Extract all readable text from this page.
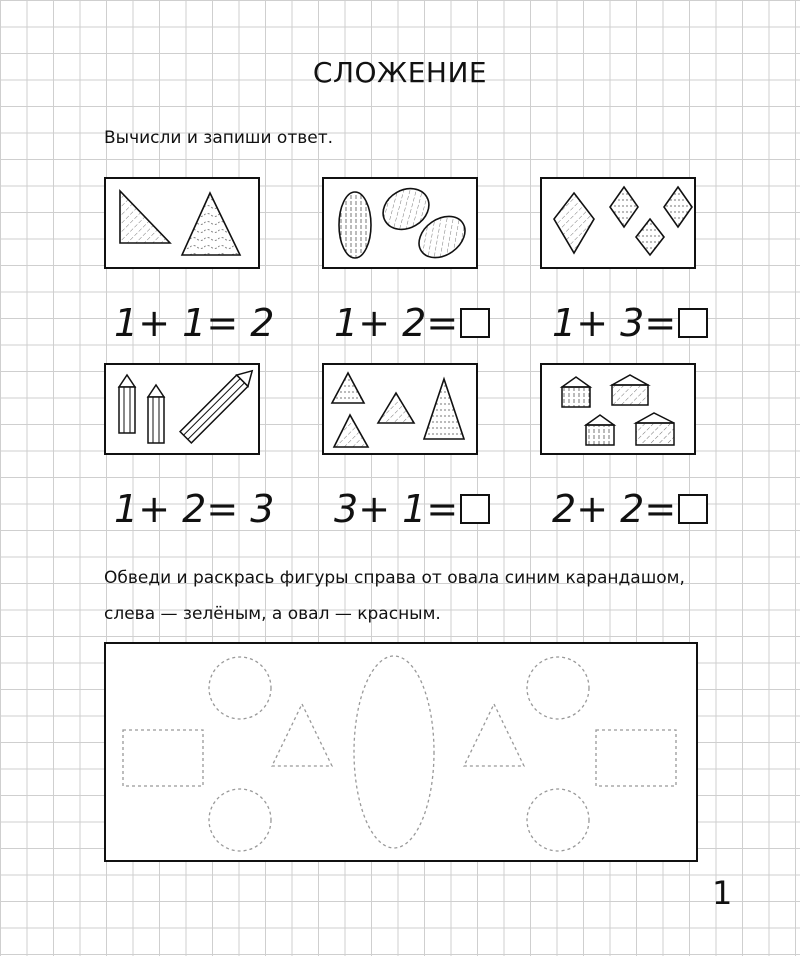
СЛОЖЕНИЕ
Вычисли и запиши ответ.
1+ 1= 2	1+ 2=	1+ 3=
1+ 2= 3	3+ 1=	2+ 2=
Обведи и раскрась фигуры справа от овала синим карандашом,
слева — зелёным, а овал — красным.
1
